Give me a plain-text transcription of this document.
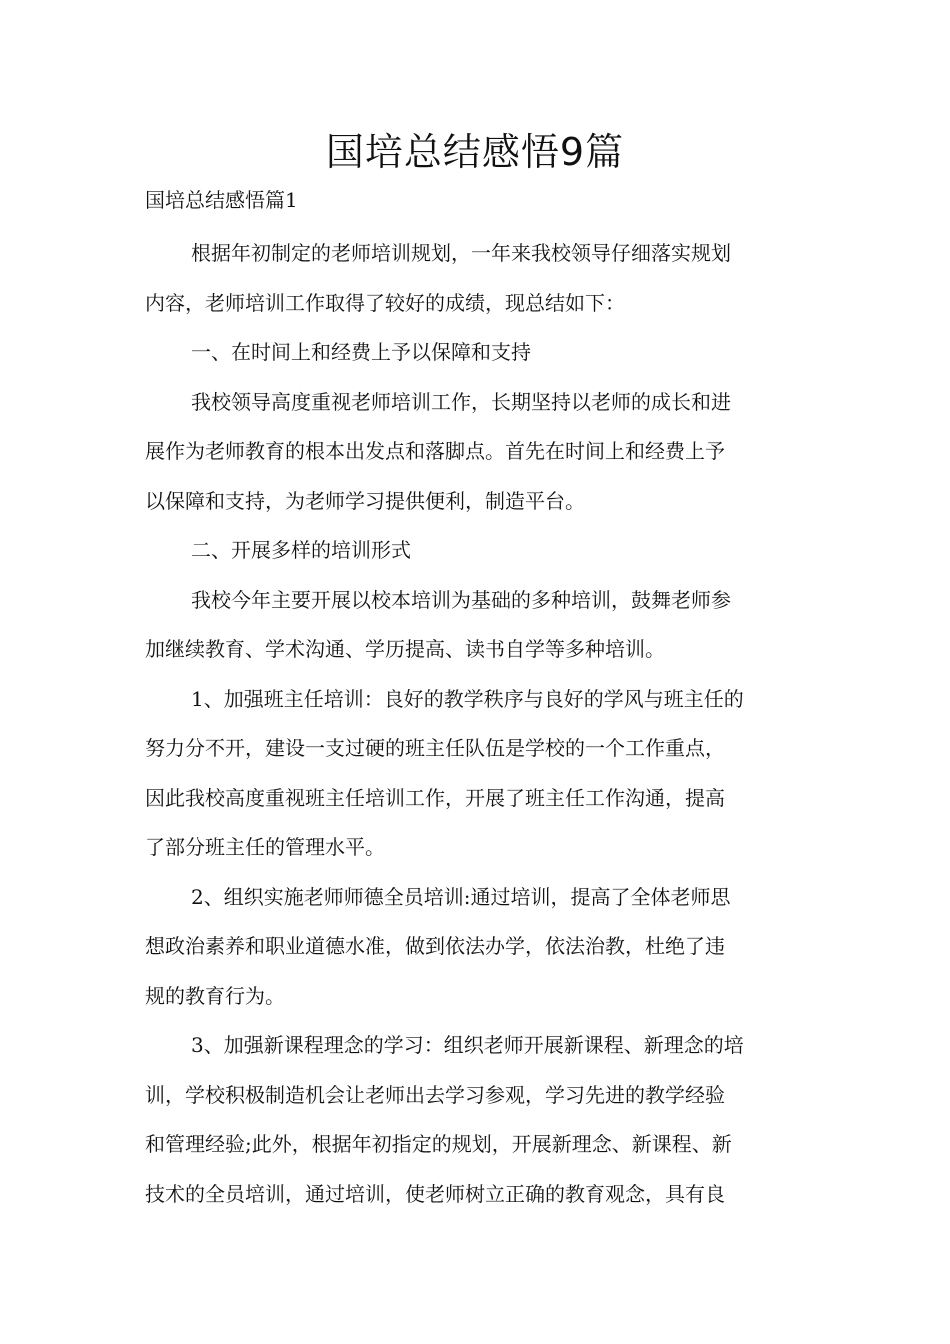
国培总结感悟9篇

国培总结感悟篇1

根据年初制定的老师培训规划，一年来我校领导仔细落实规划

内容，老师培训工作取得了较好的成绩，现总结如下：

一、在时间上和经费上予以保障和支持

我校领导高度重视老师培训工作，长期坚持以老师的成长和进

展作为老师教育的根本出发点和落脚点。首先在时间上和经费上予

以保障和支持，为老师学习提供便利，制造平台。

二、开展多样的培训形式

我校今年主要开展以校本培训为基础的多种培训，鼓舞老师参

加继续教育、学术沟通、学历提高、读书自学等多种培训。

1、加强班主任培训：良好的教学秩序与良好的学风与班主任的

努力分不开，建设一支过硬的班主任队伍是学校的一个工作重点，

因此我校高度重视班主任培训工作，开展了班主任工作沟通，提高

了部分班主任的管理水平。

2、组织实施老师师德全员培训:通过培训，提高了全体老师思

想政治素养和职业道德水准，做到依法办学，依法治教，杜绝了违

规的教育行为。

3、加强新课程理念的学习：组织老师开展新课程、新理念的培

训，学校积极制造机会让老师出去学习参观，学习先进的教学经验

和管理经验;此外，根据年初指定的规划，开展新理念、新课程、新

技术的全员培训，通过培训，使老师树立正确的教育观念，具有良
